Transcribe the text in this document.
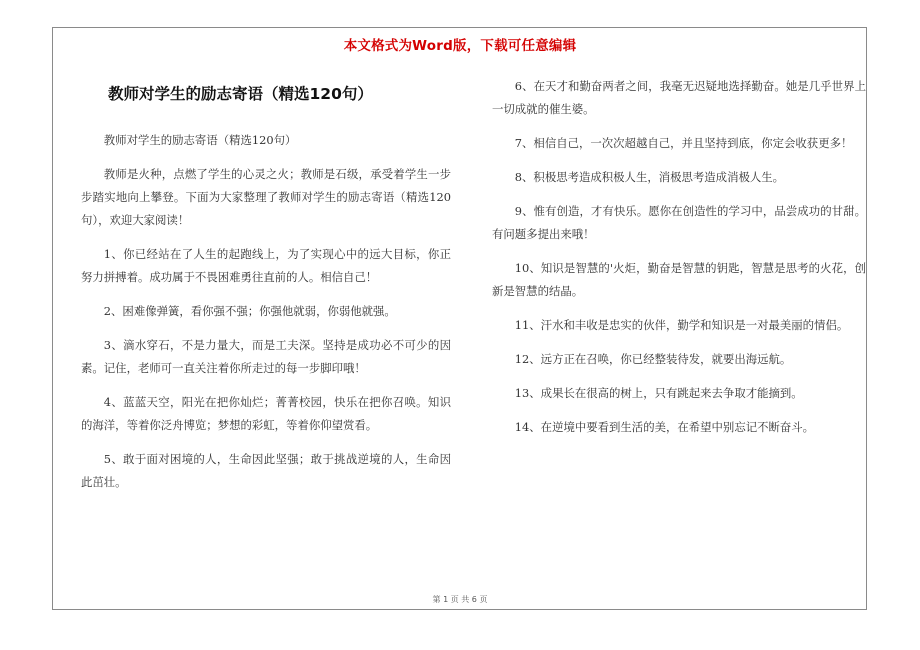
本文格式为Word版，下载可任意编辑
教师对学生的励志寄语（精选120句）

教师对学生的励志寄语（精选120句）

教师是火种，点燃了学生的心灵之火；教师是石级，承受着学生一步步踏实地向上攀登。下面为大家整理了教师对学生的励志寄语（精选120句），欢迎大家阅读！

1、你已经站在了人生的起跑线上，为了实现心中的远大目标，你正努力拼搏着。成功属于不畏困难勇往直前的人。相信自己！

2、困难像弹簧，看你强不强；你强他就弱，你弱他就强。

3、滴水穿石，不是力量大，而是工夫深。坚持是成功必不可少的因素。记住，老师可一直关注着你所走过的每一步脚印哦！

4、蓝蓝天空，阳光在把你灿烂；菁菁校园，快乐在把你召唤。知识的海洋，等着你泛舟博览；梦想的彩虹，等着你仰望赏看。

5、敢于面对困境的人，生命因此坚强；敢于挑战逆境的人，生命因此茁壮。

6、在天才和勤奋两者之间，我毫无迟疑地选择勤奋。她是几乎世界上一切成就的催生婆。

7、相信自己，一次次超越自己，并且坚持到底，你定会收获更多！

8、积极思考造成积极人生，消极思考造成消极人生。

9、惟有创造，才有快乐。愿你在创造性的学习中，品尝成功的甘甜。有问题多提出来哦！

10、知识是智慧的'火炬，勤奋是智慧的钥匙，智慧是思考的火花，创新是智慧的结晶。

11、汗水和丰收是忠实的伙伴，勤学和知识是一对最美丽的情侣。

12、远方正在召唤，你已经整装待发，就要出海远航。

13、成果长在很高的树上，只有跳起来去争取才能摘到。

14、在逆境中要看到生活的美，在希望中别忘记不断奋斗。

第 1 页 共 6 页
